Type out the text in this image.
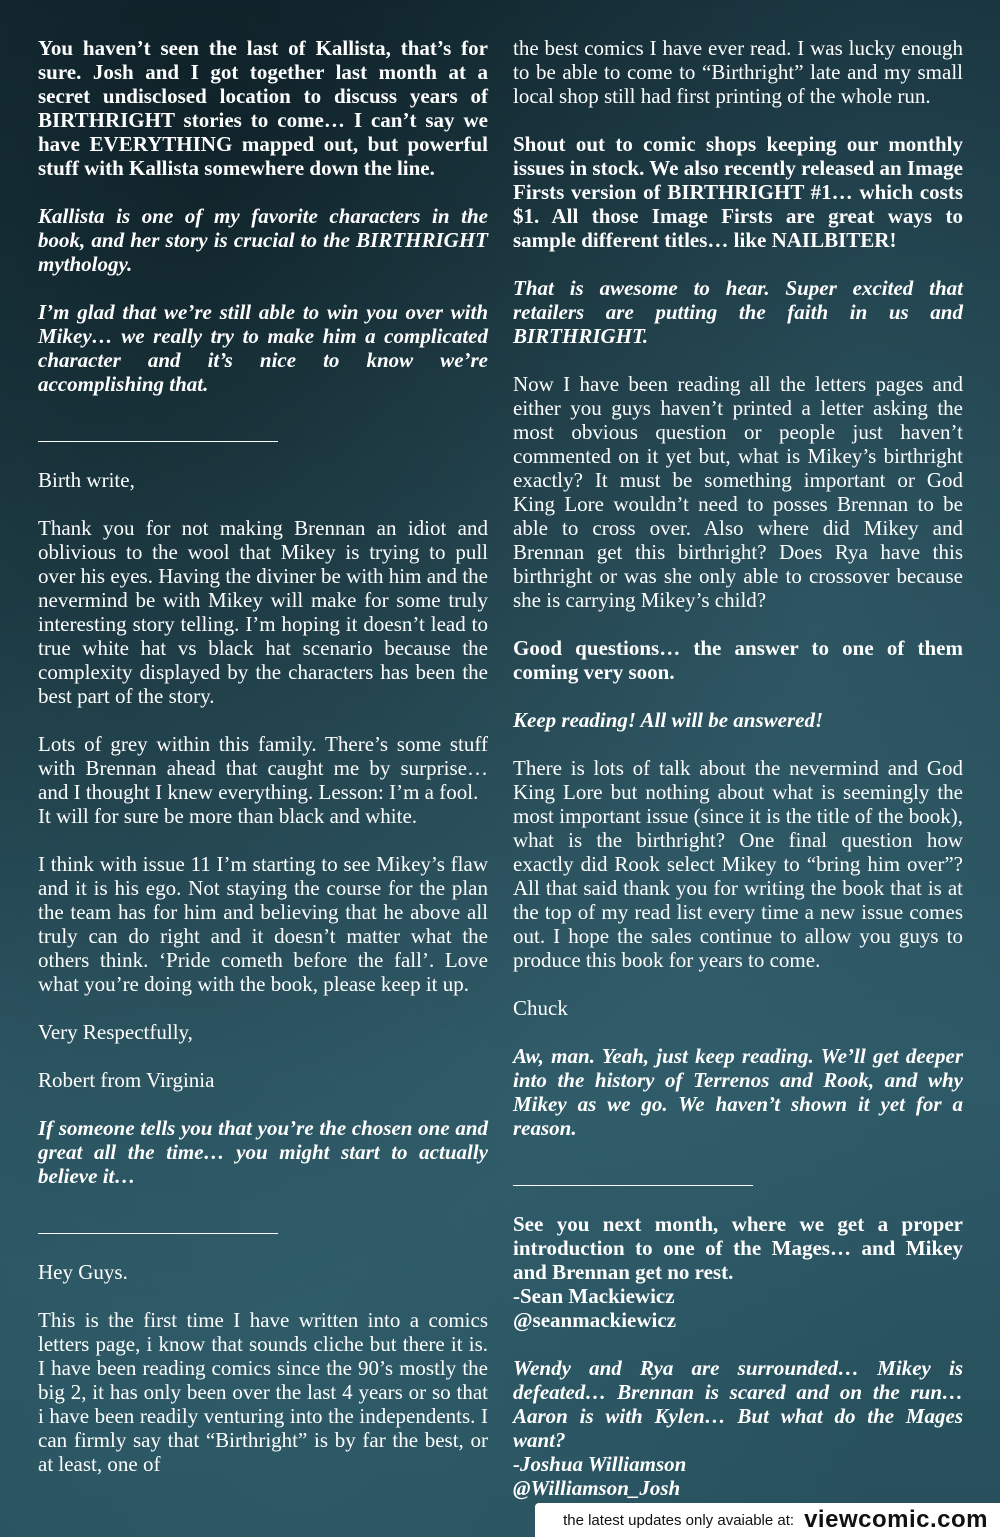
You haven’t seen the last of Kallista, that’s for sure. Josh and I got together last month at a secret undisclosed location to discuss years of BIRTHRIGHT stories to come… I can’t say we have EVERYTHING mapped out, but powerful stuff with Kallista somewhere down the line.

Kallista is one of my favorite characters in the book, and her story is crucial to the BIRTHRIGHT mythology.

I’m glad that we’re still able to win you over with Mikey… we really try to make him a complicated character and it’s nice to know we’re accomplishing that.

Birth write,

Thank you for not making Brennan an idiot and oblivious to the wool that Mikey is trying to pull over his eyes. Having the diviner be with him and the nevermind be with Mikey will make for some truly interesting story telling. I’m hoping it doesn’t lead to true white hat vs black hat scenario because the complexity displayed by the characters has been the best part of the story.

Lots of grey within this family. There’s some stuff with Brennan ahead that caught me by surprise… and I thought I knew everything. Lesson: I’m a fool.

It will for sure be more than black and white.

I think with issue 11 I’m starting to see Mikey’s flaw and it is his ego. Not staying the course for the plan the team has for him and believing that he above all truly can do right and it doesn’t matter what the others think. ‘Pride cometh before the fall’. Love what you’re doing with the book, please keep it up.

Very Respectfully,

Robert from Virginia

If someone tells you that you’re the chosen one and great all the time… you might start to actually believe it…

Hey Guys.

This is the first time I have written into a comics letters page, i know that sounds cliche but there it is. I have been reading comics since the 90’s mostly the big 2, it has only been over the last 4 years or so that i have been readily venturing into the independents. I can firmly say that “Birthright” is by far the best, or at least, one of

the best comics I have ever read. I was lucky enough to be able to come to “Birthright” late and my small local shop still had first printing of the whole run.

Shout out to comic shops keeping our monthly issues in stock. We also recently released an Image Firsts version of BIRTHRIGHT #1… which costs $1. All those Image Firsts are great ways to sample different titles… like NAILBITER!

That is awesome to hear. Super excited that retailers are putting the faith in us and BIRTHRIGHT.

Now I have been reading all the letters pages and either you guys haven’t printed a letter asking the most obvious question or people just haven’t commented on it yet but, what is Mikey’s birthright exactly? It must be something important or God King Lore wouldn’t need to posses Brennan to be able to cross over. Also where did Mikey and Brennan get this birthright? Does Rya have this birthright or was she only able to crossover because she is carrying Mikey’s child?

Good questions… the answer to one of them coming very soon.

Keep reading! All will be answered!

There is lots of talk about the nevermind and God King Lore but nothing about what is seemingly the most important issue (since it is the title of the book), what is the birthright? One final question how exactly did Rook select Mikey to “bring him over”? All that said thank you for writing the book that is at the top of my read list every time a new issue comes out. I hope the sales continue to allow you guys to produce this book for years to come.

Chuck

Aw, man. Yeah, just keep reading. We’ll get deeper into the history of Terrenos and Rook, and why Mikey as we go. We haven’t shown it yet for a reason.

See you next month, where we get a proper introduction to one of the Mages… and Mikey and Brennan get no rest.

-Sean Mackiewicz

@seanmackiewicz

Wendy and Rya are surrounded… Mikey is defeated… Brennan is scared and on the run… Aaron is with Kylen… But what do the Mages want?

-Joshua Williamson

@Williamson_Josh

the latest updates only avaiable at: viewcomic.com
